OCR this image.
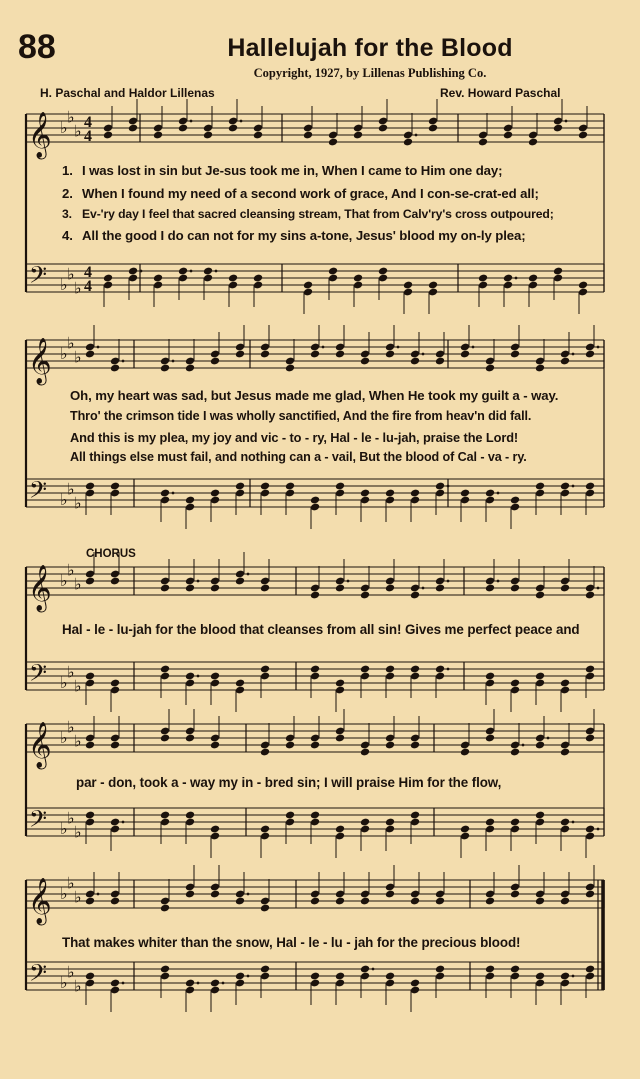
88	Hallelujah for the Blood
Copyright, 1927, by Lillenas Publishing Co.
H. Paschal and Haldor Lillenas	Rev. Howard Paschal
𝄞 ♭
♭
♭ 4
4
𝄢 ♭
♭
♭
4
4
𝄞 ♭
♭
♭
𝄢 ♭
♭
♭
𝄞 ♭
♭
♭
𝄢 ♭
♭
♭
𝄞 ♭
♭
♭
𝄢 ♭
♭
♭
𝄞 ♭
♭
♭
𝄢 ♭
♭
♭
1. I was lost in sin but Je-sus took me in, When I came to Him one day;
2. When I found my need of a second work of grace, And I con-se-crat-ed all;
3. Ev-'ry day I feel that sacred cleansing stream, That from Calv'ry's cross outpoured;
4. All the good I do can not for my sins a-tone, Jesus' blood my on-ly plea;
Oh, my heart was sad, but Jesus made me glad, When He took my guilt a - way.
Thro' the crimson tide I was wholly sanctified, And the fire from heav'n did fall.
And this is my plea, my joy and vic - to - ry, Hal - le - lu-jah, praise the Lord!
All things else must fail, and nothing can a - vail, But the blood of Cal - va - ry.
CHORUS
Hal - le - lu-jah for the blood that cleanses from all sin! Gives me perfect peace and
par - don, took a - way my in - bred sin; I will praise Him for the flow,
That makes whiter than the snow, Hal - le - lu - jah for the precious blood!
